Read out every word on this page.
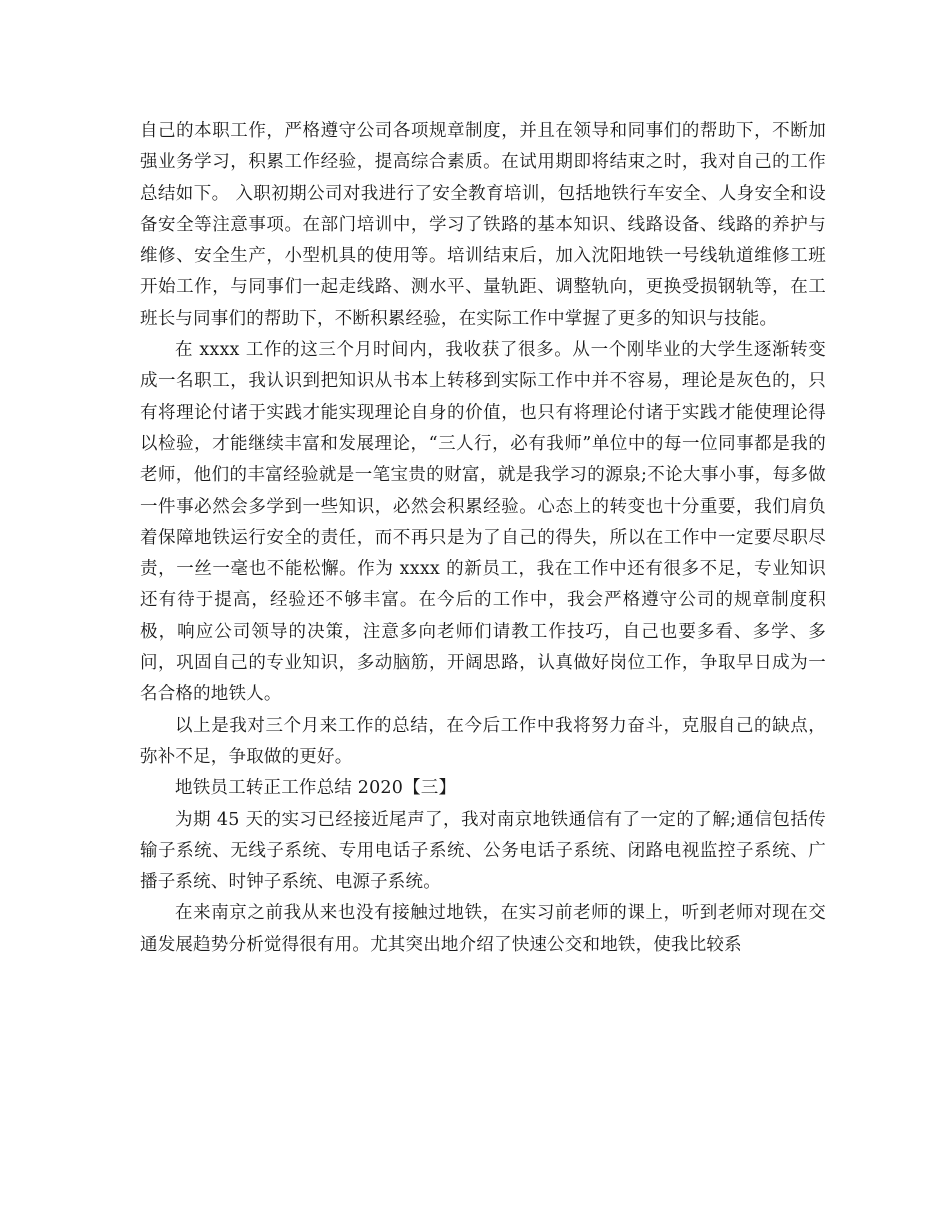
自己的本职工作，严格遵守公司各项规章制度，并且在领导和同事们的帮助下，不断加强业务学习，积累工作经验，提高综合素质。在试用期即将结束之时，我对自己的工作总结如下。 入职初期公司对我进行了安全教育培训，包括地铁行车安全、人身安全和设备安全等注意事项。在部门培训中，学习了铁路的基本知识、线路设备、线路的养护与维修、安全生产，小型机具的使用等。培训结束后，加入沈阳地铁一号线轨道维修工班开始工作，与同事们一起走线路、测水平、量轨距、调整轨向，更换受损钢轨等，在工班长与同事们的帮助下，不断积累经验，在实际工作中掌握了更多的知识与技能。

在 xxxx 工作的这三个月时间内，我收获了很多。从一个刚毕业的大学生逐渐转变成一名职工，我认识到把知识从书本上转移到实际工作中并不容易，理论是灰色的，只有将理论付诸于实践才能实现理论自身的价值，也只有将理论付诸于实践才能使理论得以检验，才能继续丰富和发展理论，“三人行，必有我师”单位中的每一位同事都是我的老师，他们的丰富经验就是一笔宝贵的财富，就是我学习的源泉;不论大事小事，每多做一件事必然会多学到一些知识，必然会积累经验。心态上的转变也十分重要，我们肩负着保障地铁运行安全的责任，而不再只是为了自己的得失，所以在工作中一定要尽职尽责，一丝一毫也不能松懈。作为 xxxx 的新员工，我在工作中还有很多不足，专业知识还有待于提高，经验还不够丰富。在今后的工作中，我会严格遵守公司的规章制度积极，响应公司领导的决策，注意多向老师们请教工作技巧，自己也要多看、多学、多问，巩固自己的专业知识，多动脑筋，开阔思路，认真做好岗位工作，争取早日成为一名合格的地铁人。

以上是我对三个月来工作的总结，在今后工作中我将努力奋斗，克服自己的缺点，弥补不足，争取做的更好。

地铁员工转正工作总结 2020【三】

为期 45 天的实习已经接近尾声了，我对南京地铁通信有了一定的了解;通信包括传输子系统、无线子系统、专用电话子系统、公务电话子系统、闭路电视监控子系统、广播子系统、时钟子系统、电源子系统。

在来南京之前我从来也没有接触过地铁，在实习前老师的课上，听到老师对现在交通发展趋势分析觉得很有用。尤其突出地介绍了快速公交和地铁，使我比较系
